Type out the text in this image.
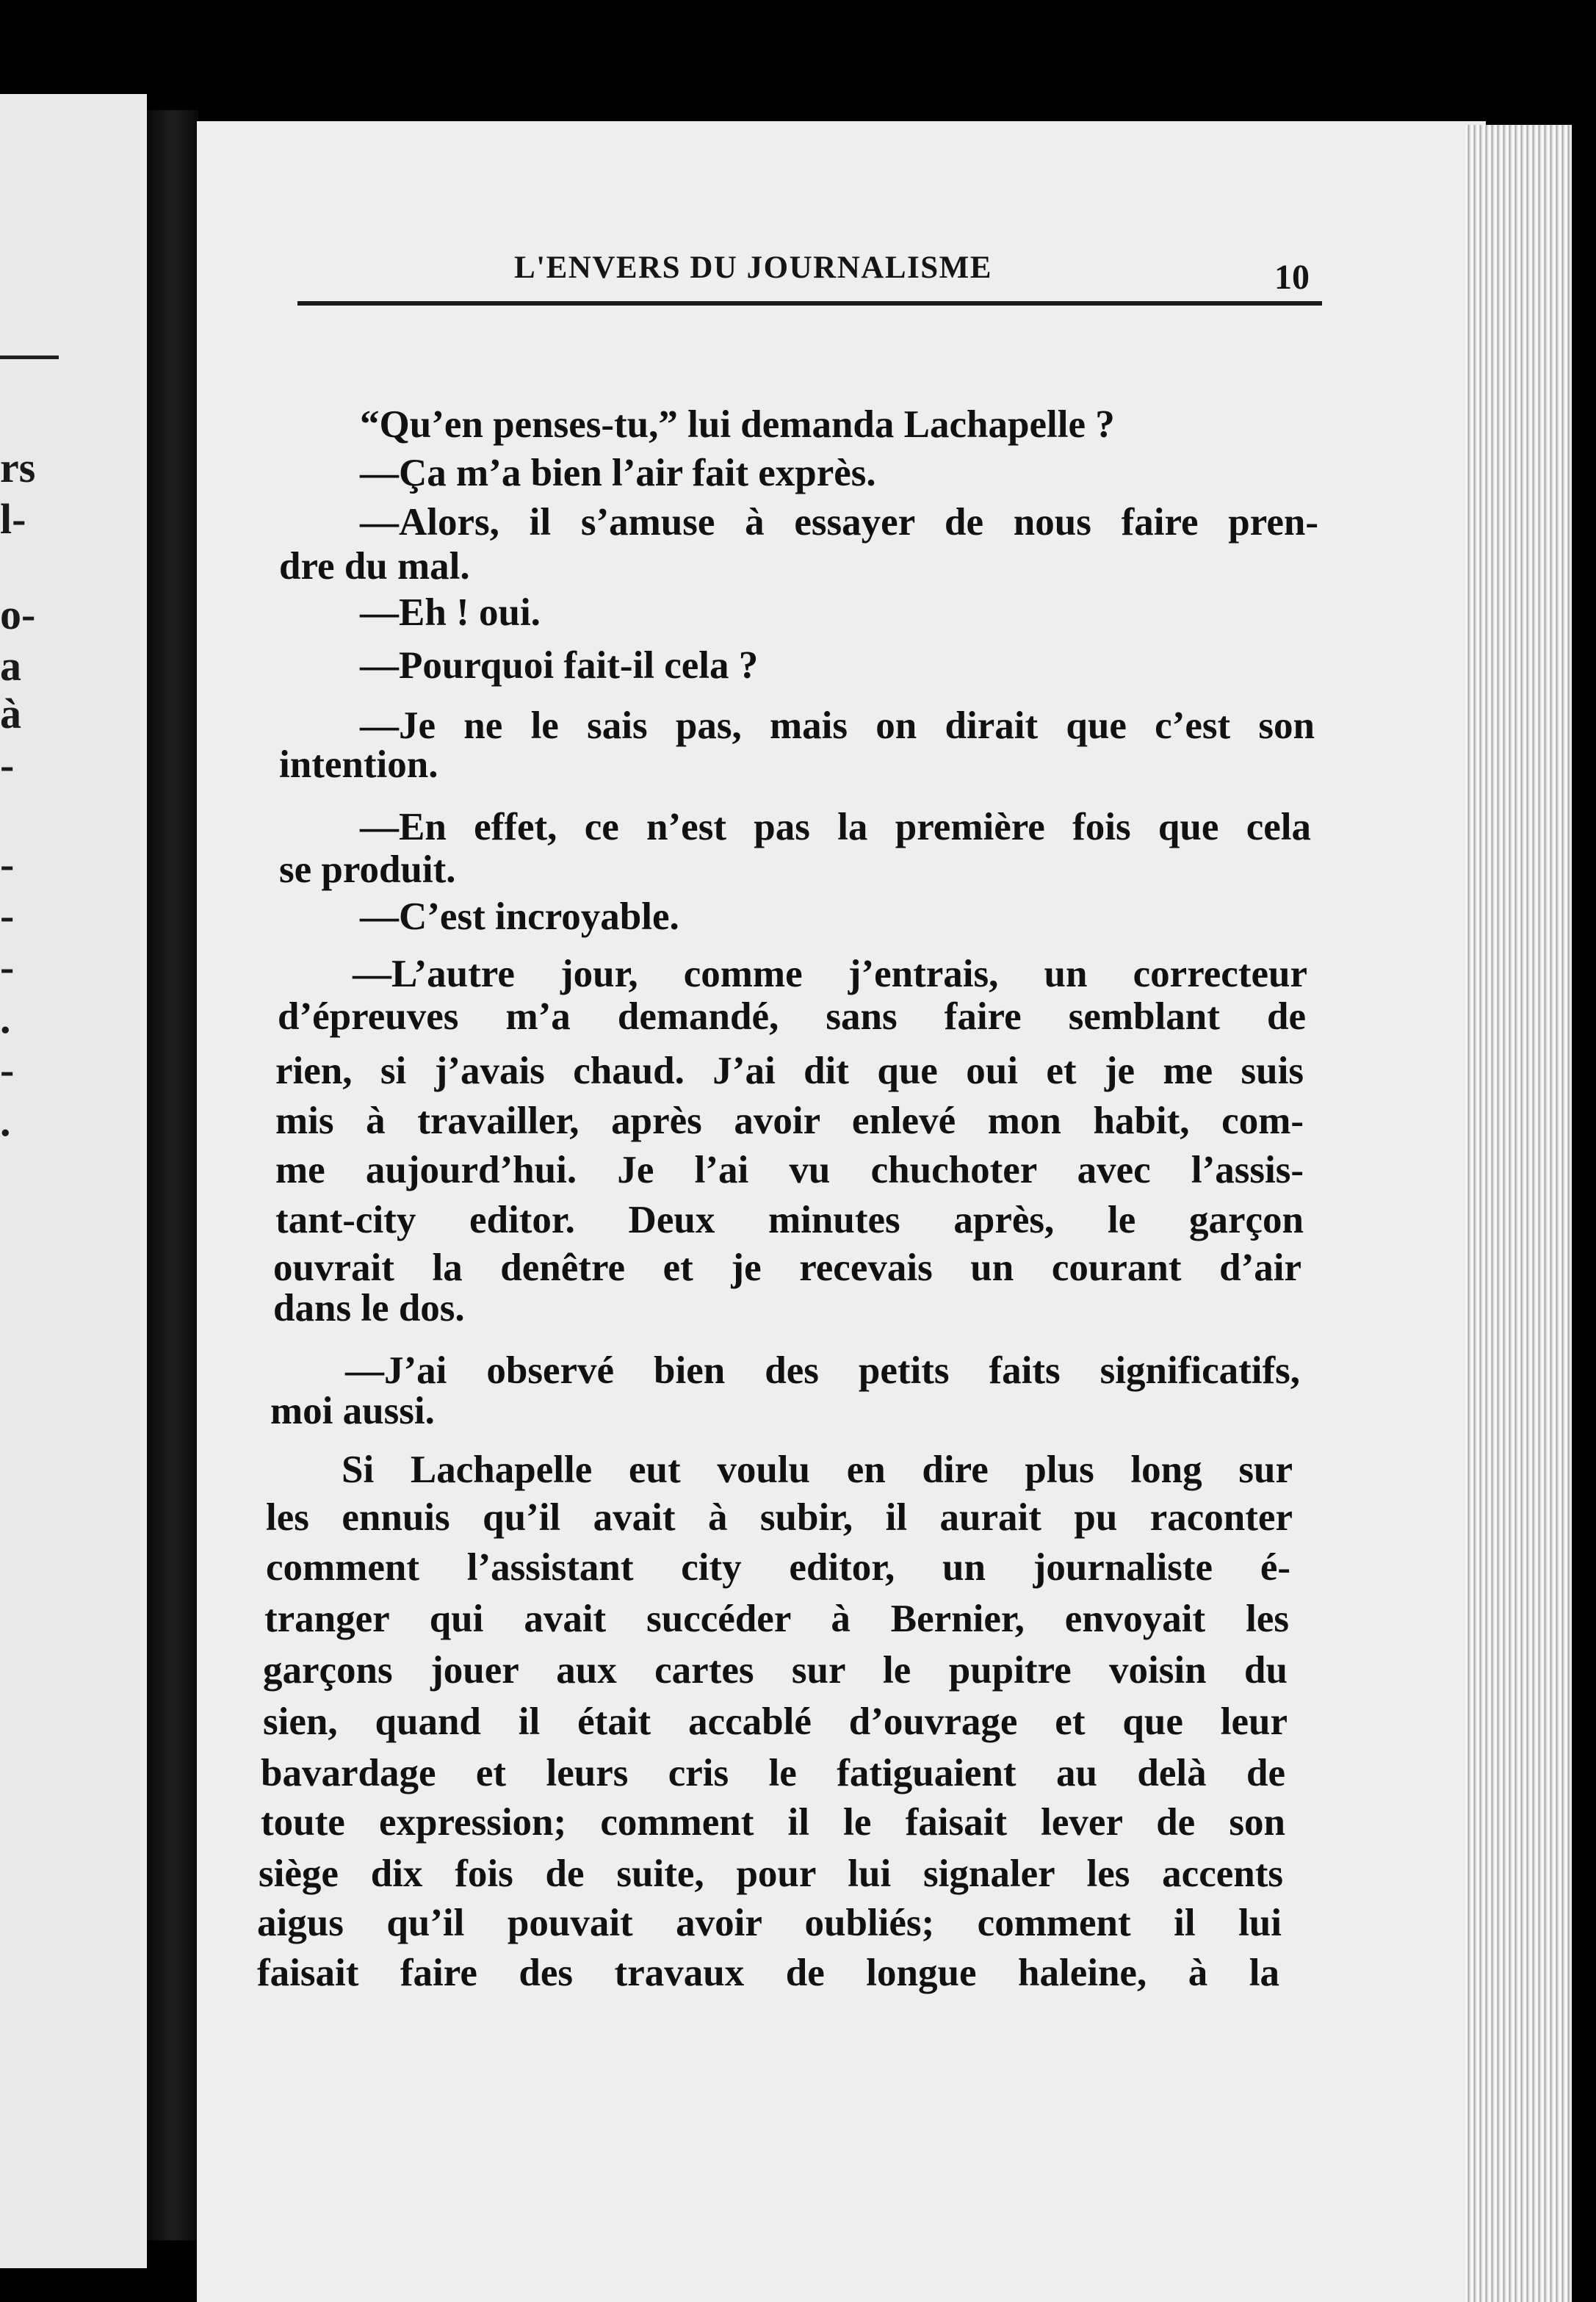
rs
l-
o-
a
à
-
-
-
-
.
-
.
L'ENVERS DU JOURNALISME	10
“Qu’en penses-tu,” lui demanda Lachapelle ?
—Ça m’a bien l’air fait exprès.
—Alors, il s’amuse à essayer de nous faire pren-
dre du mal.
—Eh ! oui.
—Pourquoi fait-il cela ?
—Je ne le sais pas, mais on dirait que c’est son
intention.
—En effet, ce n’est pas la première fois que cela
se produit.
—C’est incroyable.
—L’autre jour, comme j’entrais, un correcteur
d’épreuves m’a demandé, sans faire semblant de
rien, si j’avais chaud. J’ai dit que oui et je me suis
mis à travailler, après avoir enlevé mon habit, com-
me aujourd’hui. Je l’ai vu chuchoter avec l’assis-
tant-city editor. Deux minutes après, le garçon
ouvrait la denêtre et je recevais un courant d’air
dans le dos.
—J’ai observé bien des petits faits significatifs,
moi aussi.
Si Lachapelle eut voulu en dire plus long sur
les ennuis qu’il avait à subir, il aurait pu raconter
comment l’assistant city editor, un journaliste é-
tranger qui avait succéder à Bernier, envoyait les
garçons jouer aux cartes sur le pupitre voisin du
sien, quand il était accablé d’ouvrage et que leur
bavardage et leurs cris le fatiguaient au delà de
toute expression; comment il le faisait lever de son
siège dix fois de suite, pour lui signaler les accents
aigus qu’il pouvait avoir oubliés; comment il lui
faisait faire des travaux de longue haleine, à la
